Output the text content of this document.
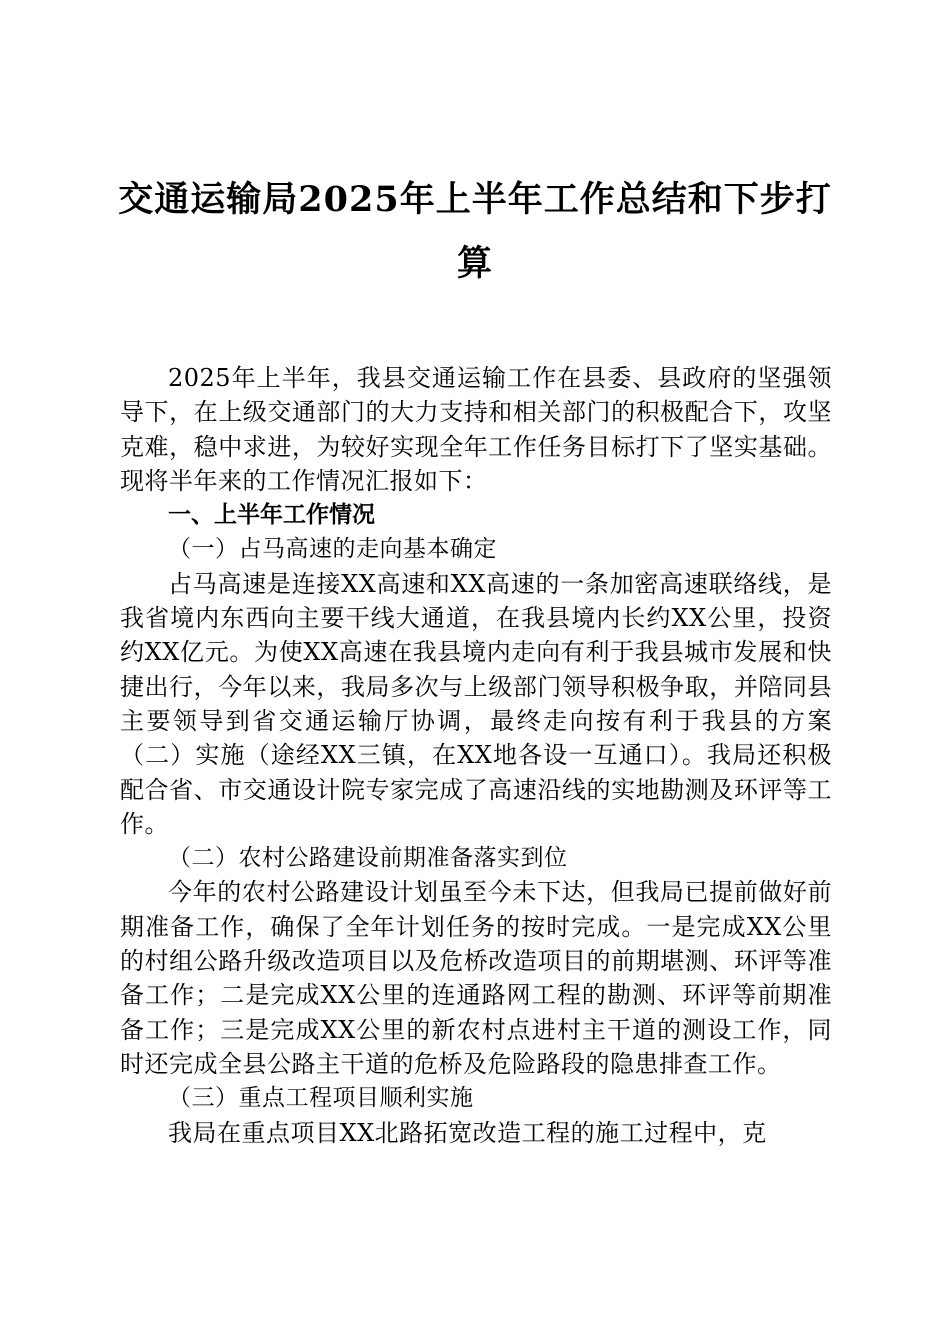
交通运输局2025年上半年工作总结和下步打算

2025年上半年，我县交通运输工作在县委、县政府的坚强领导下，在上级交通部门的大力支持和相关部门的积极配合下，攻坚克难，稳中求进，为较好实现全年工作任务目标打下了坚实基础。现将半年来的工作情况汇报如下：

一、上半年工作情况

（一）占马高速的走向基本确定

占马高速是连接XX高速和XX高速的一条加密高速联络线，是我省境内东西向主要干线大通道，在我县境内长约XX公里，投资约XX亿元。为使XX高速在我县境内走向有利于我县城市发展和快捷出行，今年以来，我局多次与上级部门领导积极争取，并陪同县主要领导到省交通运输厅协调，最终走向按有利于我县的方案（二）实施（途经XX三镇，在XX地各设一互通口）。我局还积极配合省、市交通设计院专家完成了高速沿线的实地勘测及环评等工作。

（二）农村公路建设前期准备落实到位

今年的农村公路建设计划虽至今未下达，但我局已提前做好前期准备工作，确保了全年计划任务的按时完成。一是完成XX公里的村组公路升级改造项目以及危桥改造项目的前期堪测、环评等准备工作；二是完成XX公里的连通路网工程的勘测、环评等前期准备工作；三是完成XX公里的新农村点进村主干道的测设工作，同时还完成全县公路主干道的危桥及危险路段的隐患排查工作。

（三）重点工程项目顺利实施

我局在重点项目XX北路拓宽改造工程的施工过程中，克
